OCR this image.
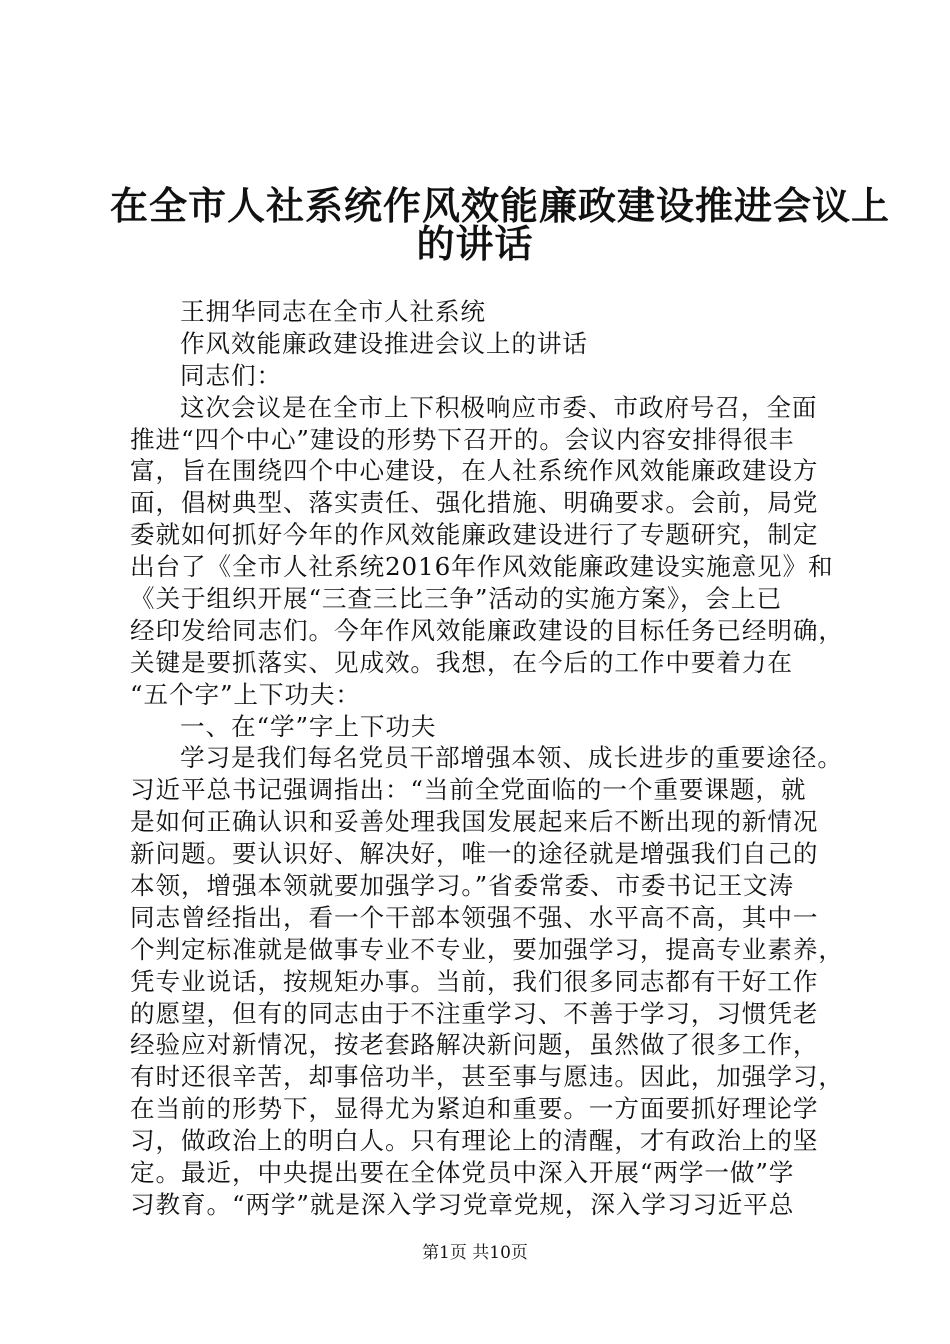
在全市人社系统作风效能廉政建设推进会议上
的讲话
王拥华同志在全市人社系统
作风效能廉政建设推进会议上的讲话
同志们：
这次会议是在全市上下积极响应市委、市政府号召，全面
推进“四个中心”建设的形势下召开的。会议内容安排得很丰
富，旨在围绕四个中心建设，在人社系统作风效能廉政建设方
面，倡树典型、落实责任、强化措施、明确要求。会前，局党
委就如何抓好今年的作风效能廉政建设进行了专题研究，制定
出台了《全市人社系统2016年作风效能廉政建设实施意见》和
《关于组织开展“三查三比三争”活动的实施方案》，会上已
经印发给同志们。今年作风效能廉政建设的目标任务已经明确，
关键是要抓落实、见成效。我想，在今后的工作中要着力在
“五个字”上下功夫：
一、在“学”字上下功夫
学习是我们每名党员干部增强本领、成长进步的重要途径。
习近平总书记强调指出：“当前全党面临的一个重要课题，就
是如何正确认识和妥善处理我国发展起来后不断出现的新情况
新问题。要认识好、解决好，唯一的途径就是增强我们自己的
本领，增强本领就要加强学习。”省委常委、市委书记王文涛
同志曾经指出，看一个干部本领强不强、水平高不高，其中一
个判定标准就是做事专业不专业，要加强学习，提高专业素养，
凭专业说话，按规矩办事。当前，我们很多同志都有干好工作
的愿望，但有的同志由于不注重学习、不善于学习，习惯凭老
经验应对新情况，按老套路解决新问题，虽然做了很多工作，
有时还很辛苦，却事倍功半，甚至事与愿违。因此，加强学习，
在当前的形势下，显得尤为紧迫和重要。一方面要抓好理论学
习，做政治上的明白人。只有理论上的清醒，才有政治上的坚
定。最近，中央提出要在全体党员中深入开展“两学一做”学
习教育。“两学”就是深入学习党章党规，深入学习习近平总
第1页 共10页
